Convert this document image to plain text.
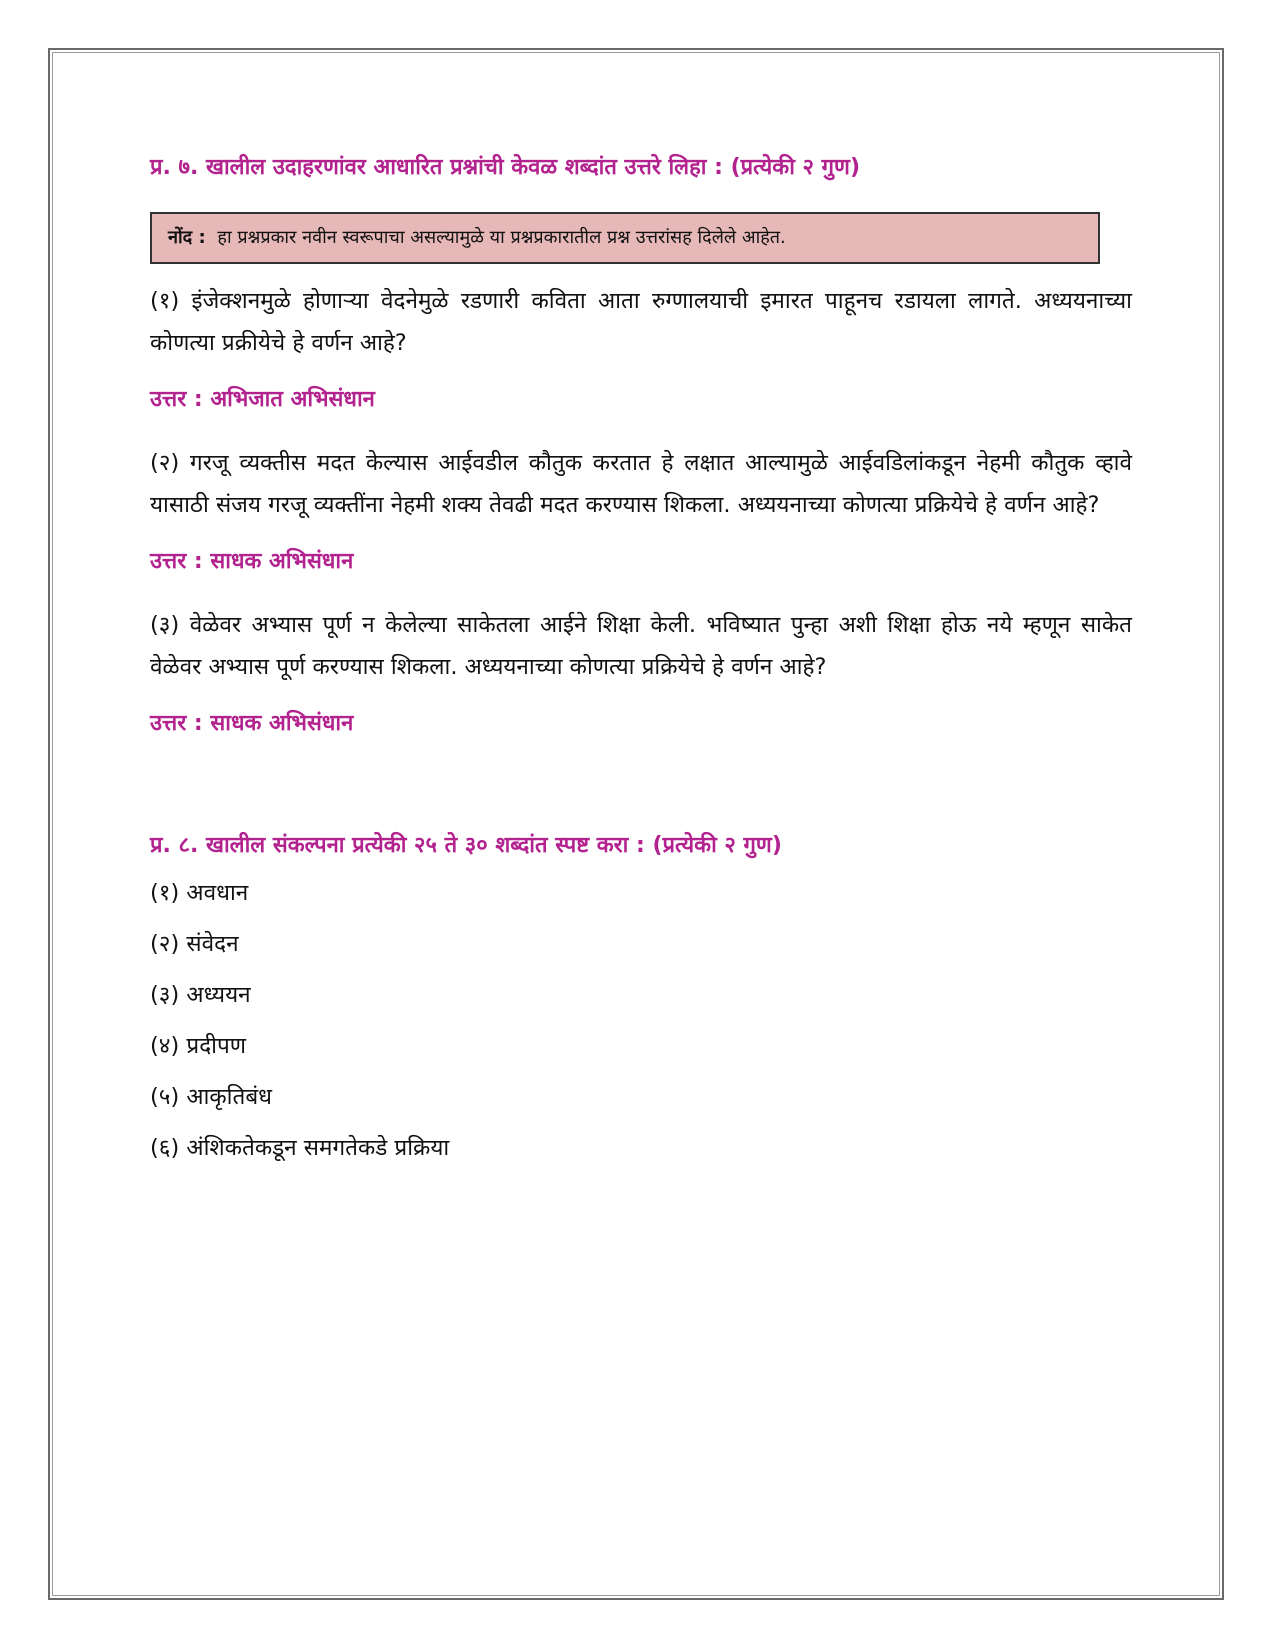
प्र. ७. खालील उदाहरणांवर आधारित प्रश्नांची केवळ शब्दांत उत्तरे लिहा : (प्रत्येकी २ गुण)

नोंद : हा प्रश्नप्रकार नवीन स्वरूपाचा असल्यामुळे या प्रश्नप्रकारातील प्रश्न उत्तरांसह दिलेले आहेत.

(१) इंजेक्शनमुळे होणाऱ्या वेदनेमुळे रडणारी कविता आता रुग्णालयाची इमारत पाहूनच रडायला लागते. अध्ययनाच्या कोणत्या प्रक्रीयेचे हे वर्णन आहे?

उत्तर : अभिजात अभिसंधान

(२) गरजू व्यक्तीस मदत केल्यास आईवडील कौतुक करतात हे लक्षात आल्यामुळे आईवडिलांकडून नेहमी कौतुक व्हावे यासाठी संजय गरजू व्यक्तींना नेहमी शक्य तेवढी मदत करण्यास शिकला. अध्ययनाच्या कोणत्या प्रक्रियेचे हे वर्णन आहे?

उत्तर : साधक अभिसंधान

(३) वेळेवर अभ्यास पूर्ण न केलेल्या साकेतला आईने शिक्षा केली. भविष्यात पुन्हा अशी शिक्षा होऊ नये म्हणून साकेत वेळेवर अभ्यास पूर्ण करण्यास शिकला. अध्ययनाच्या कोणत्या प्रक्रियेचे हे वर्णन आहे?

उत्तर : साधक अभिसंधान

प्र. ८. खालील संकल्पना प्रत्येकी २५ ते ३० शब्दांत स्पष्ट करा : (प्रत्येकी २ गुण)

(१) अवधान
(२) संवेदन
(३) अध्ययन
(४) प्रदीपण
(५) आकृतिबंध
(६) अंशिकतेकडून समगतेकडे प्रक्रिया
